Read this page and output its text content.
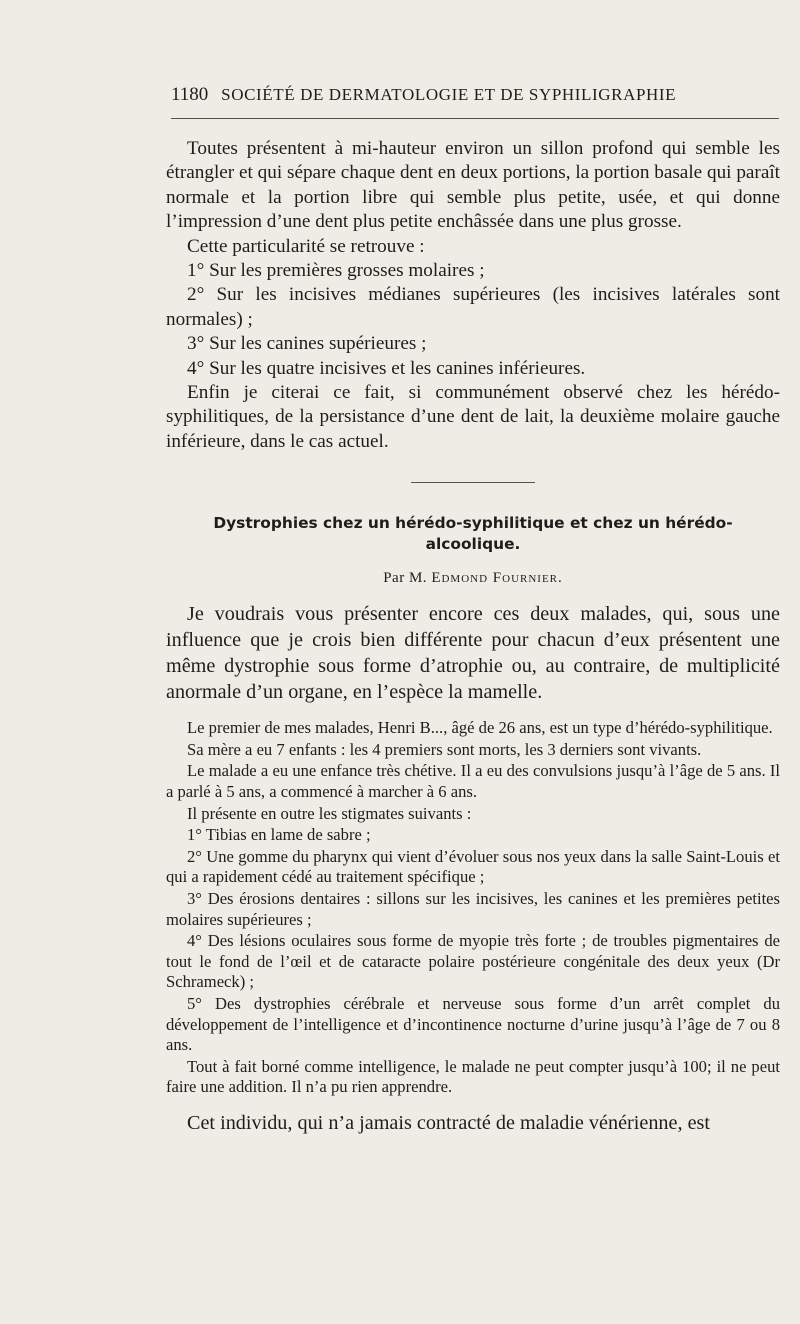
1180 SOCIÉTÉ DE DERMATOLOGIE ET DE SYPHILIGRAPHIE

Toutes présentent à mi-hauteur environ un sillon profond qui semble les étrangler et qui sépare chaque dent en deux portions, la portion basale qui paraît normale et la portion libre qui semble plus petite, usée, et qui donne l’impression d’une dent plus petite enchâssée dans une plus grosse.

Cette particularité se retrouve :

1° Sur les premières grosses molaires ;

2° Sur les incisives médianes supérieures (les incisives latérales sont normales) ;

3° Sur les canines supérieures ;

4° Sur les quatre incisives et les canines inférieures.

Enfin je citerai ce fait, si communément observé chez les hérédo-syphilitiques, de la persistance d’une dent de lait, la deuxième molaire gauche inférieure, dans le cas actuel.

Dystrophies chez un hérédo-syphilitique et chez un hérédo-alcoolique.
Par M. Edmond Fournier.

Je voudrais vous présenter encore ces deux malades, qui, sous une influence que je crois bien différente pour chacun d’eux présentent une même dystrophie sous forme d’atrophie ou, au contraire, de multiplicité anormale d’un organe, en l’espèce la mamelle.

Le premier de mes malades, Henri B..., âgé de 26 ans, est un type d’hérédo-syphilitique.

Sa mère a eu 7 enfants : les 4 premiers sont morts, les 3 derniers sont vivants.

Le malade a eu une enfance très chétive. Il a eu des convulsions jusqu’à l’âge de 5 ans. Il a parlé à 5 ans, a commencé à marcher à 6 ans.

Il présente en outre les stigmates suivants :

1° Tibias en lame de sabre ;

2° Une gomme du pharynx qui vient d’évoluer sous nos yeux dans la salle Saint-Louis et qui a rapidement cédé au traitement spécifique ;

3° Des érosions dentaires : sillons sur les incisives, les canines et les premières petites molaires supérieures ;

4° Des lésions oculaires sous forme de myopie très forte ; de troubles pigmentaires de tout le fond de l’œil et de cataracte polaire postérieure congénitale des deux yeux (Dr Schrameck) ;

5° Des dystrophies cérébrale et nerveuse sous forme d’un arrêt complet du développement de l’intelligence et d’incontinence nocturne d’urine jusqu’à l’âge de 7 ou 8 ans.

Tout à fait borné comme intelligence, le malade ne peut compter jusqu’à 100; il ne peut faire une addition. Il n’a pu rien apprendre.

Cet individu, qui n’a jamais contracté de maladie vénérienne, est
